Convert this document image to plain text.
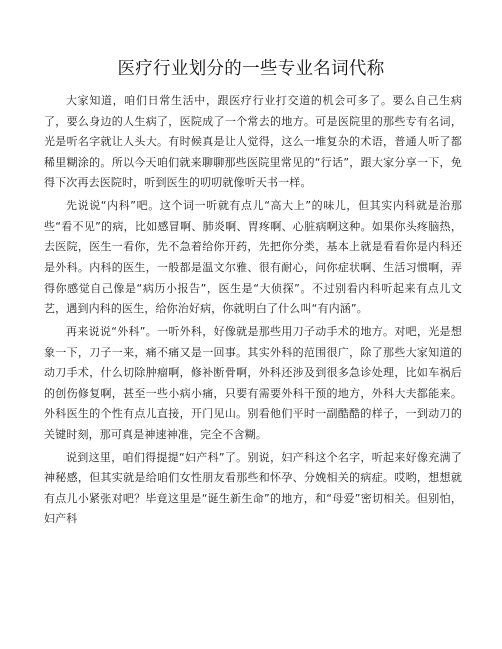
医疗行业划分的一些专业名词代称

大家知道，咱们日常生活中，跟医疗行业打交道的机会可多了。要么自己生病了，要么身边的人生病了，医院成了一个常去的地方。可是医院里的那些专有名词，光是听名字就让人头大。有时候真是让人觉得，这么一堆复杂的术语，普通人听了都稀里糊涂的。所以今天咱们就来聊聊那些医院里常见的“行话”，跟大家分享一下，免得下次再去医院时，听到医生的叨叨就像听天书一样。

先说说“内科”吧。这个词一听就有点儿“高大上”的味儿，但其实内科就是治那些“看不见”的病，比如感冒啊、肺炎啊、胃疼啊、心脏病啊这种。如果你头疼脑热，去医院，医生一看你，先不急着给你开药，先把你分类，基本上就是看看你是内科还是外科。内科的医生，一般都是温文尔雅、很有耐心，问你症状啊、生活习惯啊，弄得你感觉自己像是“病历小报告”，医生是“大侦探”。不过别看内科听起来有点儿文艺，遇到内科的医生，给你治好病，你就明白了什么叫“有内涵”。

再来说说“外科”。一听外科，好像就是那些用刀子动手术的地方。对吧，光是想象一下，刀子一来，痛不痛又是一回事。其实外科的范围很广，除了那些大家知道的动刀手术，什么切除肿瘤啊，修补断骨啊，外科还涉及到很多急诊处理，比如车祸后的创伤修复啊，甚至一些小病小痛，只要有需要外科干预的地方，外科大夫都能来。外科医生的个性有点儿直接，开门见山。别看他们平时一副酷酷的样子，一到动刀的关键时刻，那可真是神速神准，完全不含糊。

说到这里，咱们得提提“妇产科”了。别说，妇产科这个名字，听起来好像充满了神秘感，但其实就是给咱们女性朋友看那些和怀孕、分娩相关的病症。哎哟，想想就有点儿小紧张对吧？毕竟这里是“诞生新生命”的地方，和“母爱”密切相关。但别怕，妇产科
